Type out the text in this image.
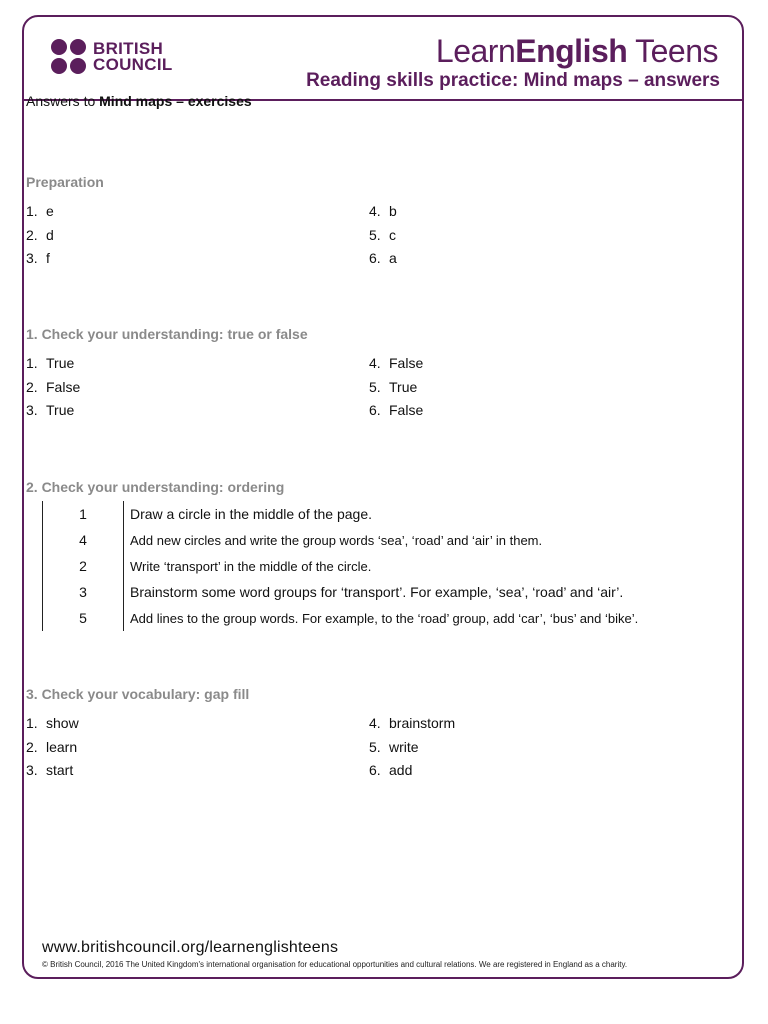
BRITISH
COUNCIL	LearnEnglish Teens
Reading skills practice: Mind maps – answers
Answers to Mind maps – exercises
Preparation
1. e
2. d
3. f
4. b
5. c
6. a
1. Check your understanding: true or false
1. True
2. False
3. True
4. False
5. True
6. False
2. Check your understanding: ordering
1	Draw a circle in the middle of the page.
4	Add new circles and write the group words ‘sea’, ‘road’ and ‘air’ in them.
2	Write ‘transport’ in the middle of the circle.
3	Brainstorm some word groups for ‘transport’. For example, ‘sea’, ‘road’ and ‘air’.
5	Add lines to the group words. For example, to the ‘road’ group, add ‘car’, ‘bus’ and ‘bike’.
3. Check your vocabulary: gap fill
1. show
2. learn
3. start
4. brainstorm
5. write
6. add
www.britishcouncil.org/learnenglishteens
© British Council, 2016 The United Kingdom's international organisation for educational opportunities and cultural relations. We are registered in England as a charity.
